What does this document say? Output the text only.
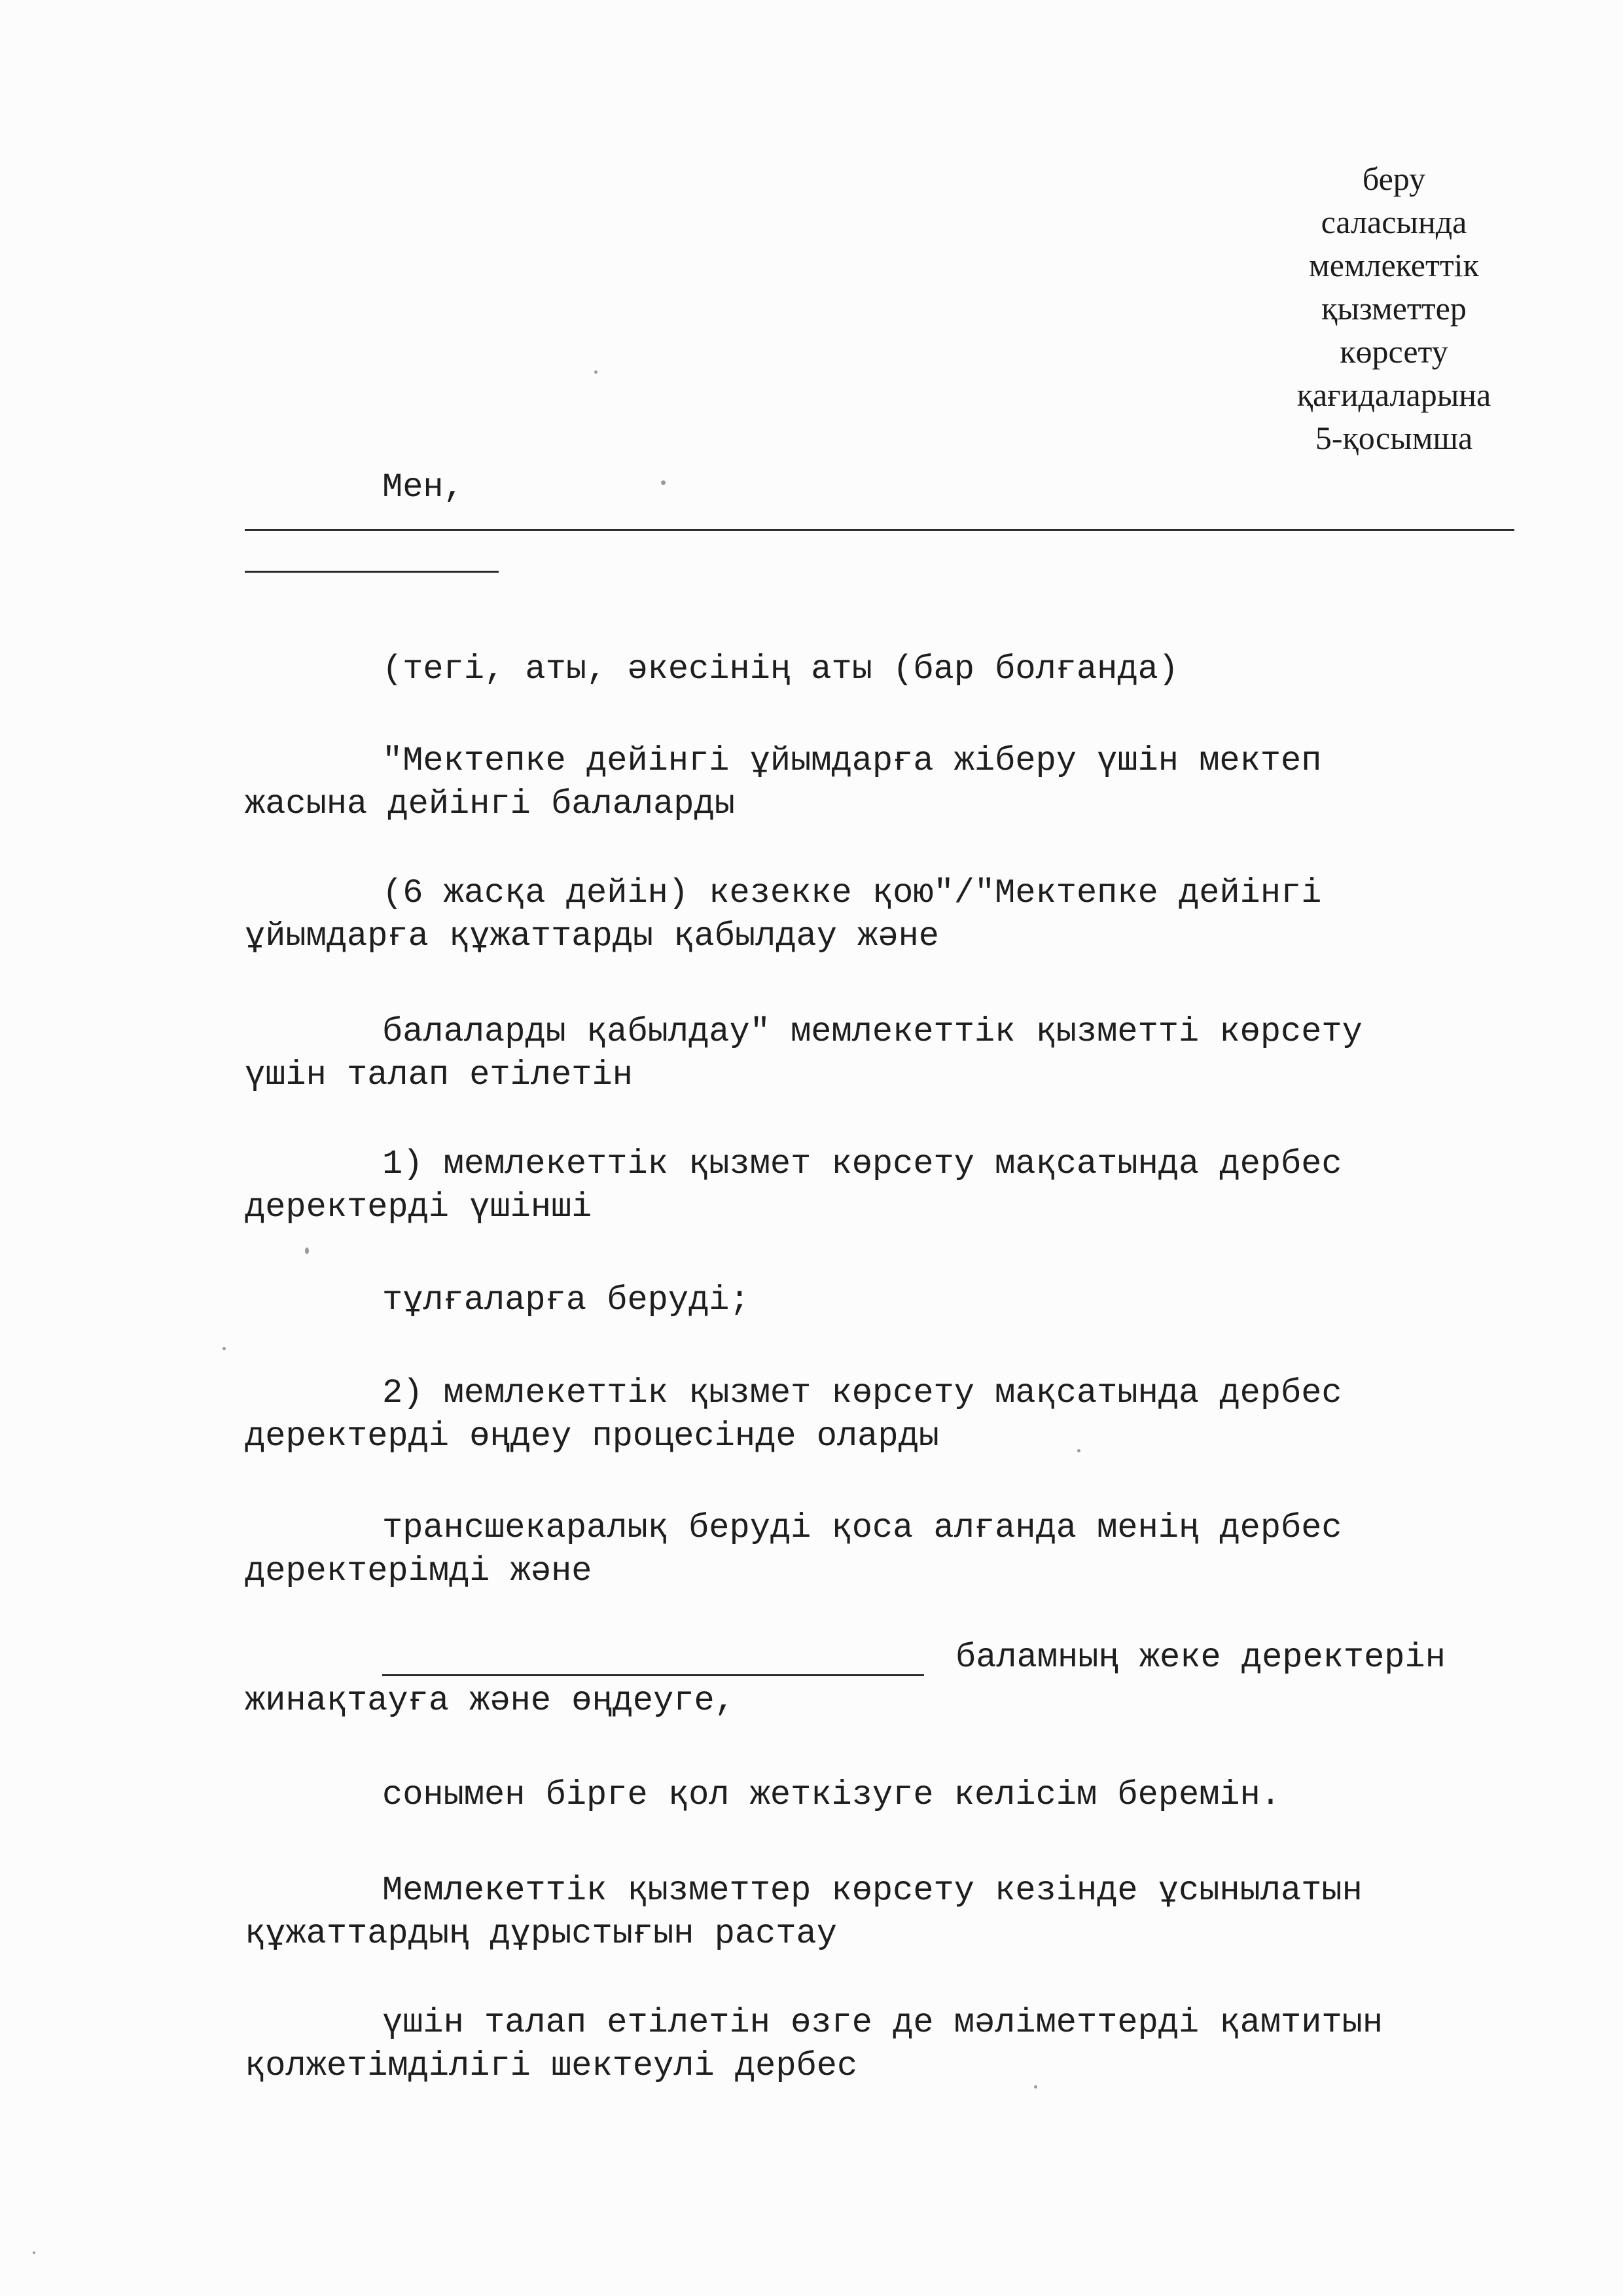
беру
саласында
мемлекеттік
қызметтер
көрсету
қағидаларына
5-қосымша
Мен,
(тегі, аты, әкесінің аты (бар болғанда)
"Мектепке дейінгі ұйымдарға жіберу үшін мектеп
жасына дейінгі балаларды
(6 жасқа дейін) кезекке қою"/"Мектепке дейінгі
ұйымдарға құжаттарды қабылдау және
балаларды қабылдау" мемлекеттік қызметті көрсету
үшін талап етілетін
1) мемлекеттік қызмет көрсету мақсатында дербес
деректерді үшінші
тұлғаларға беруді;
2) мемлекеттік қызмет көрсету мақсатында дербес
деректерді өңдеу процесінде оларды
трансшекаралық беруді қоса алғанда менің дербес
деректерімді және
баламның жеке деректерін
жинақтауға және өңдеуге,
сонымен бірге қол жеткізуге келісім беремін.
Мемлекеттік қызметтер көрсету кезінде ұсынылатын
құжаттардың дұрыстығын растау
үшін талап етілетін өзге де мәліметтерді қамтитын
қолжетімділігі шектеулі дербес
